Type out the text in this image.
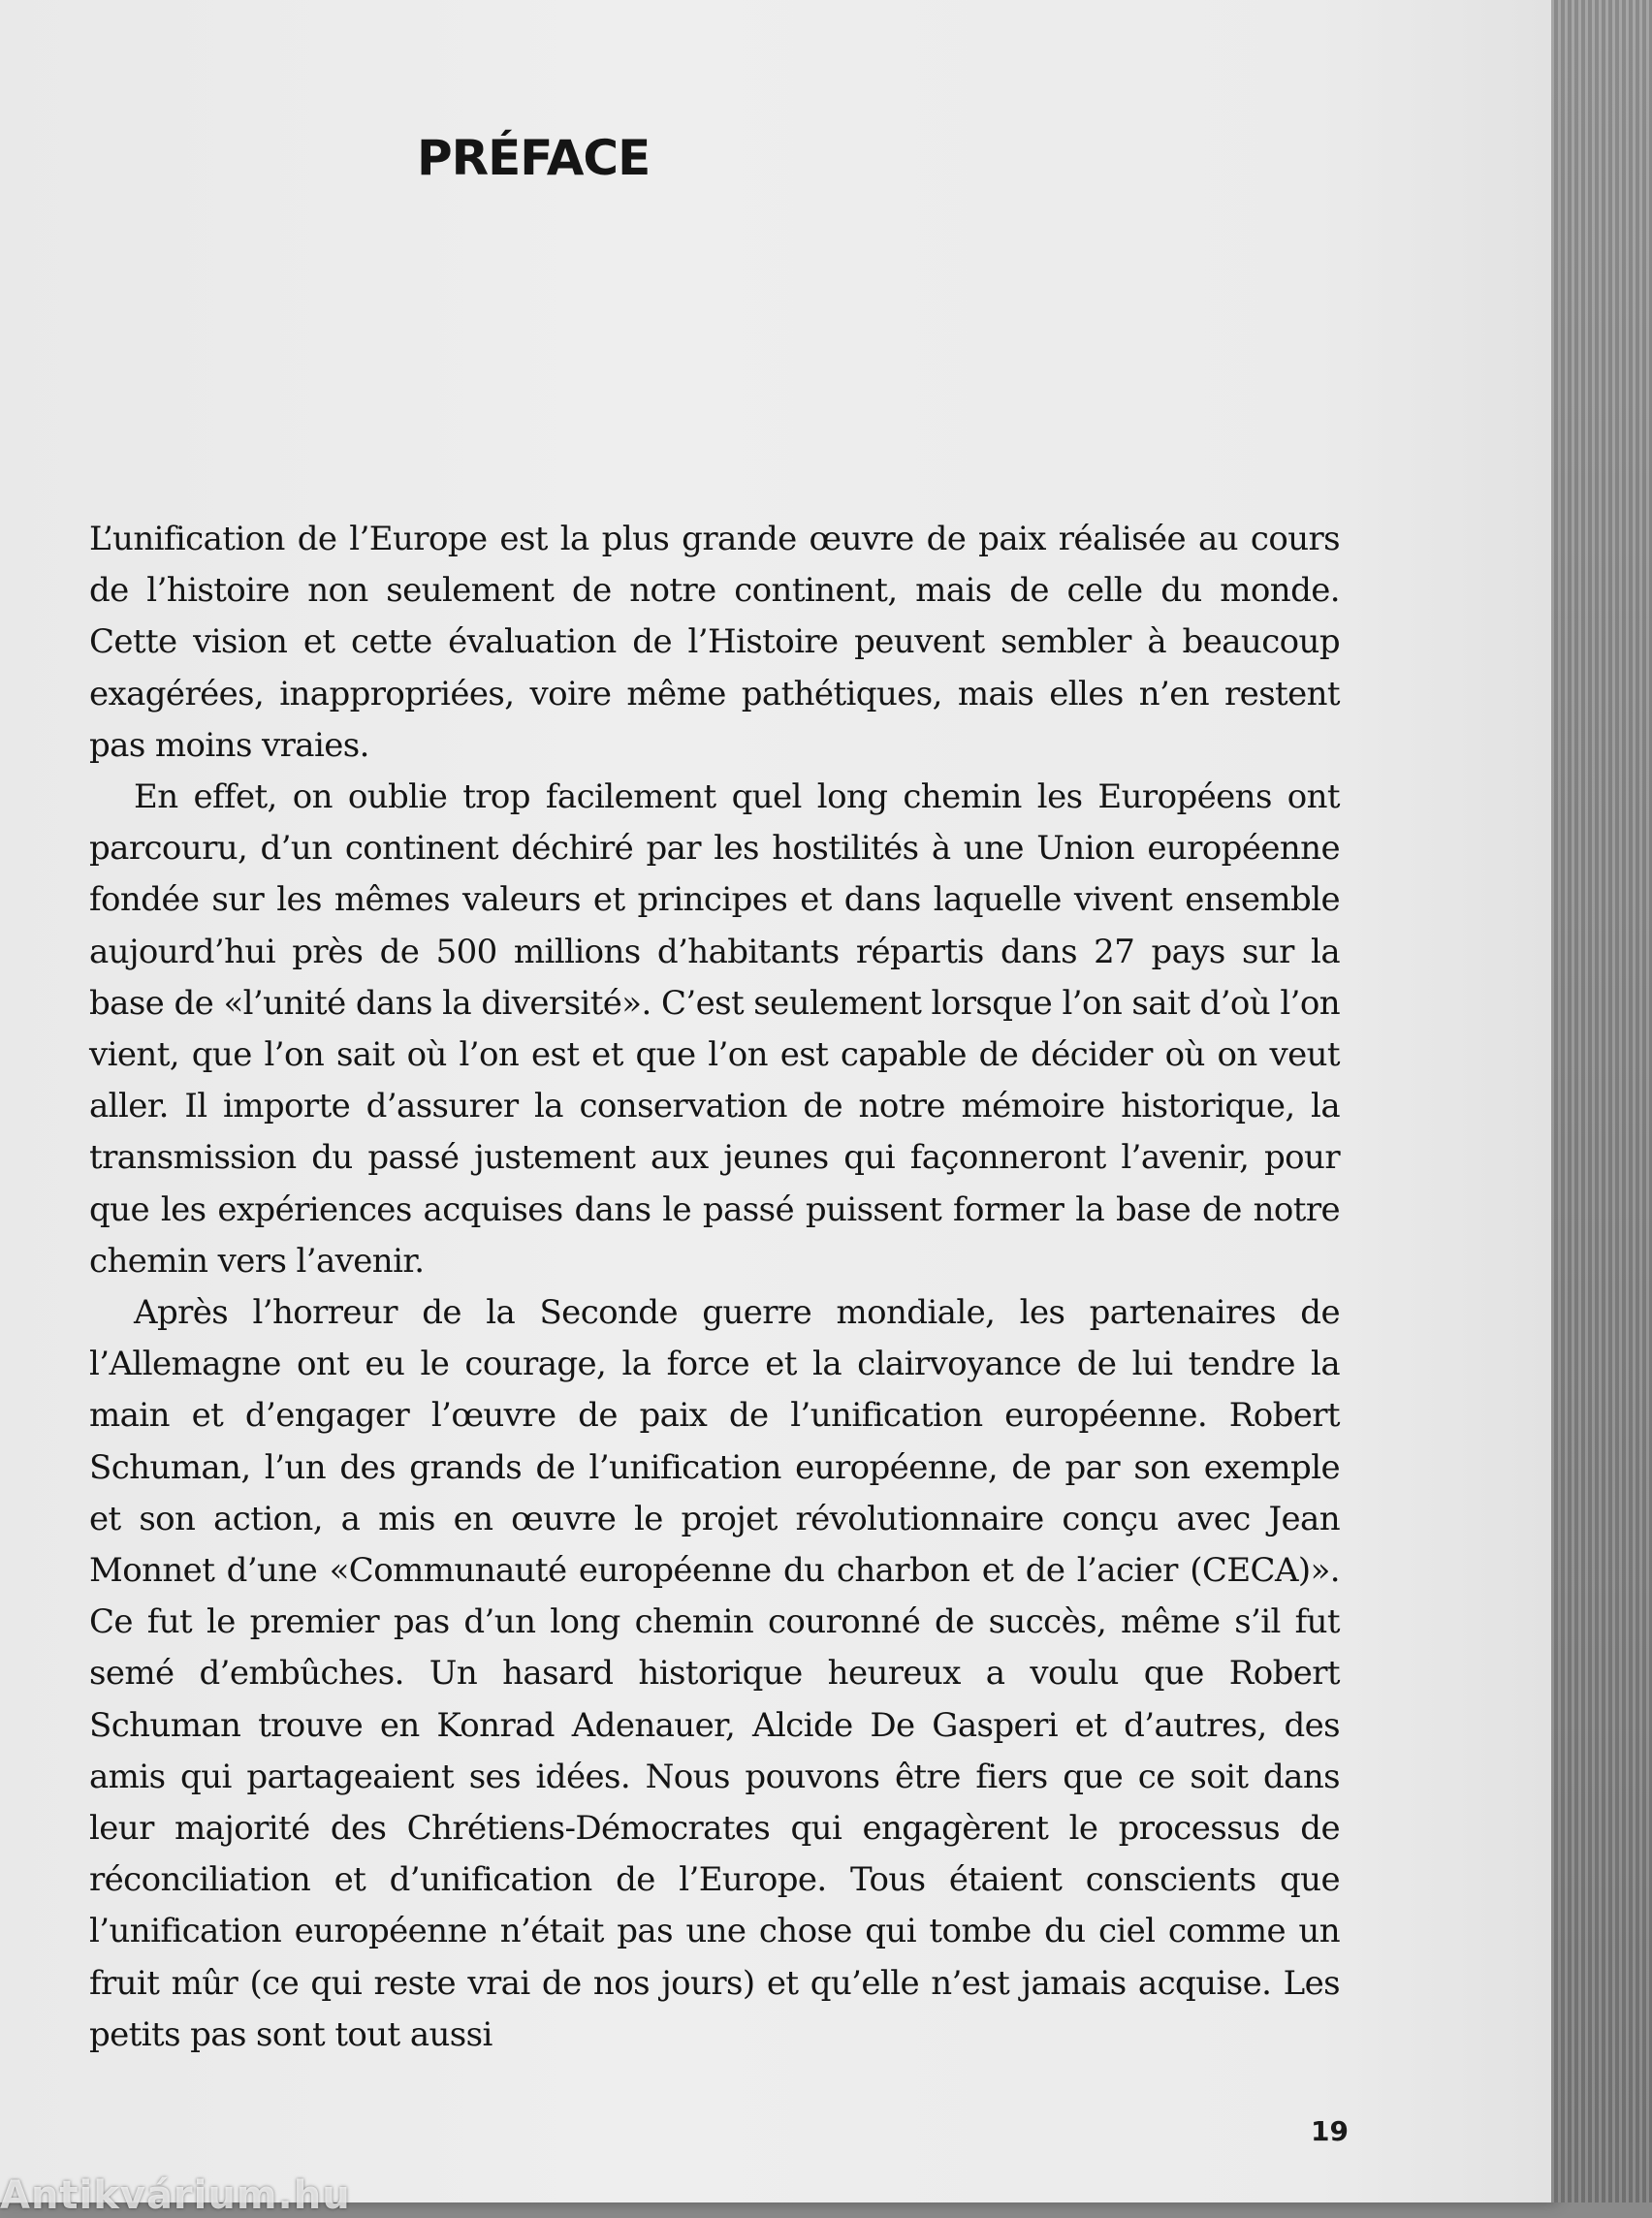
PRÉFACE

L’unification de l’Europe est la plus grande œuvre de paix réalisée au cours de l’histoire non seulement de notre continent, mais de celle du monde. Cette vision et cette évaluation de l’Histoire peuvent sembler à beaucoup exagérées, inappropriées, voire même pathétiques, mais elles n’en restent pas moins vraies.

En effet, on oublie trop facilement quel long chemin les Européens ont parcouru, d’un continent déchiré par les hostilités à une Union européenne fondée sur les mêmes valeurs et principes et dans laquelle vivent ensemble aujourd’hui près de 500 millions d’habitants répartis dans 27 pays sur la base de «l’unité dans la diversité». C’est seulement lorsque l’on sait d’où l’on vient, que l’on sait où l’on est et que l’on est capable de décider où on veut aller. Il importe d’assurer la conservation de notre mémoire historique, la transmission du passé justement aux jeunes qui façonneront l’avenir, pour que les expériences acquises dans le passé puissent former la base de notre chemin vers l’avenir.

Après l’horreur de la Seconde guerre mondiale, les partenaires de l’Allemagne ont eu le courage, la force et la clairvoyance de lui tendre la main et d’engager l’œuvre de paix de l’unification européenne. Robert Schuman, l’un des grands de l’unification européenne, de par son exemple et son action, a mis en œuvre le projet révolutionnaire conçu avec Jean Monnet d’une «Communauté européenne du charbon et de l’acier (CECA)». Ce fut le premier pas d’un long chemin couronné de succès, même s’il fut semé d’embûches. Un hasard historique heureux a voulu que Robert Schuman trouve en Konrad Adenauer, Alcide De Gasperi et d’autres, des amis qui partageaient ses idées. Nous pouvons être fiers que ce soit dans leur majorité des Chrétiens-Démocrates qui engagèrent le processus de réconciliation et d’unification de l’Europe. Tous étaient conscients que l’unification européenne n’était pas une chose qui tombe du ciel comme un fruit mûr (ce qui reste vrai de nos jours) et qu’elle n’est jamais acquise. Les petits pas sont tout aussi

19
Antikvárium.hu
